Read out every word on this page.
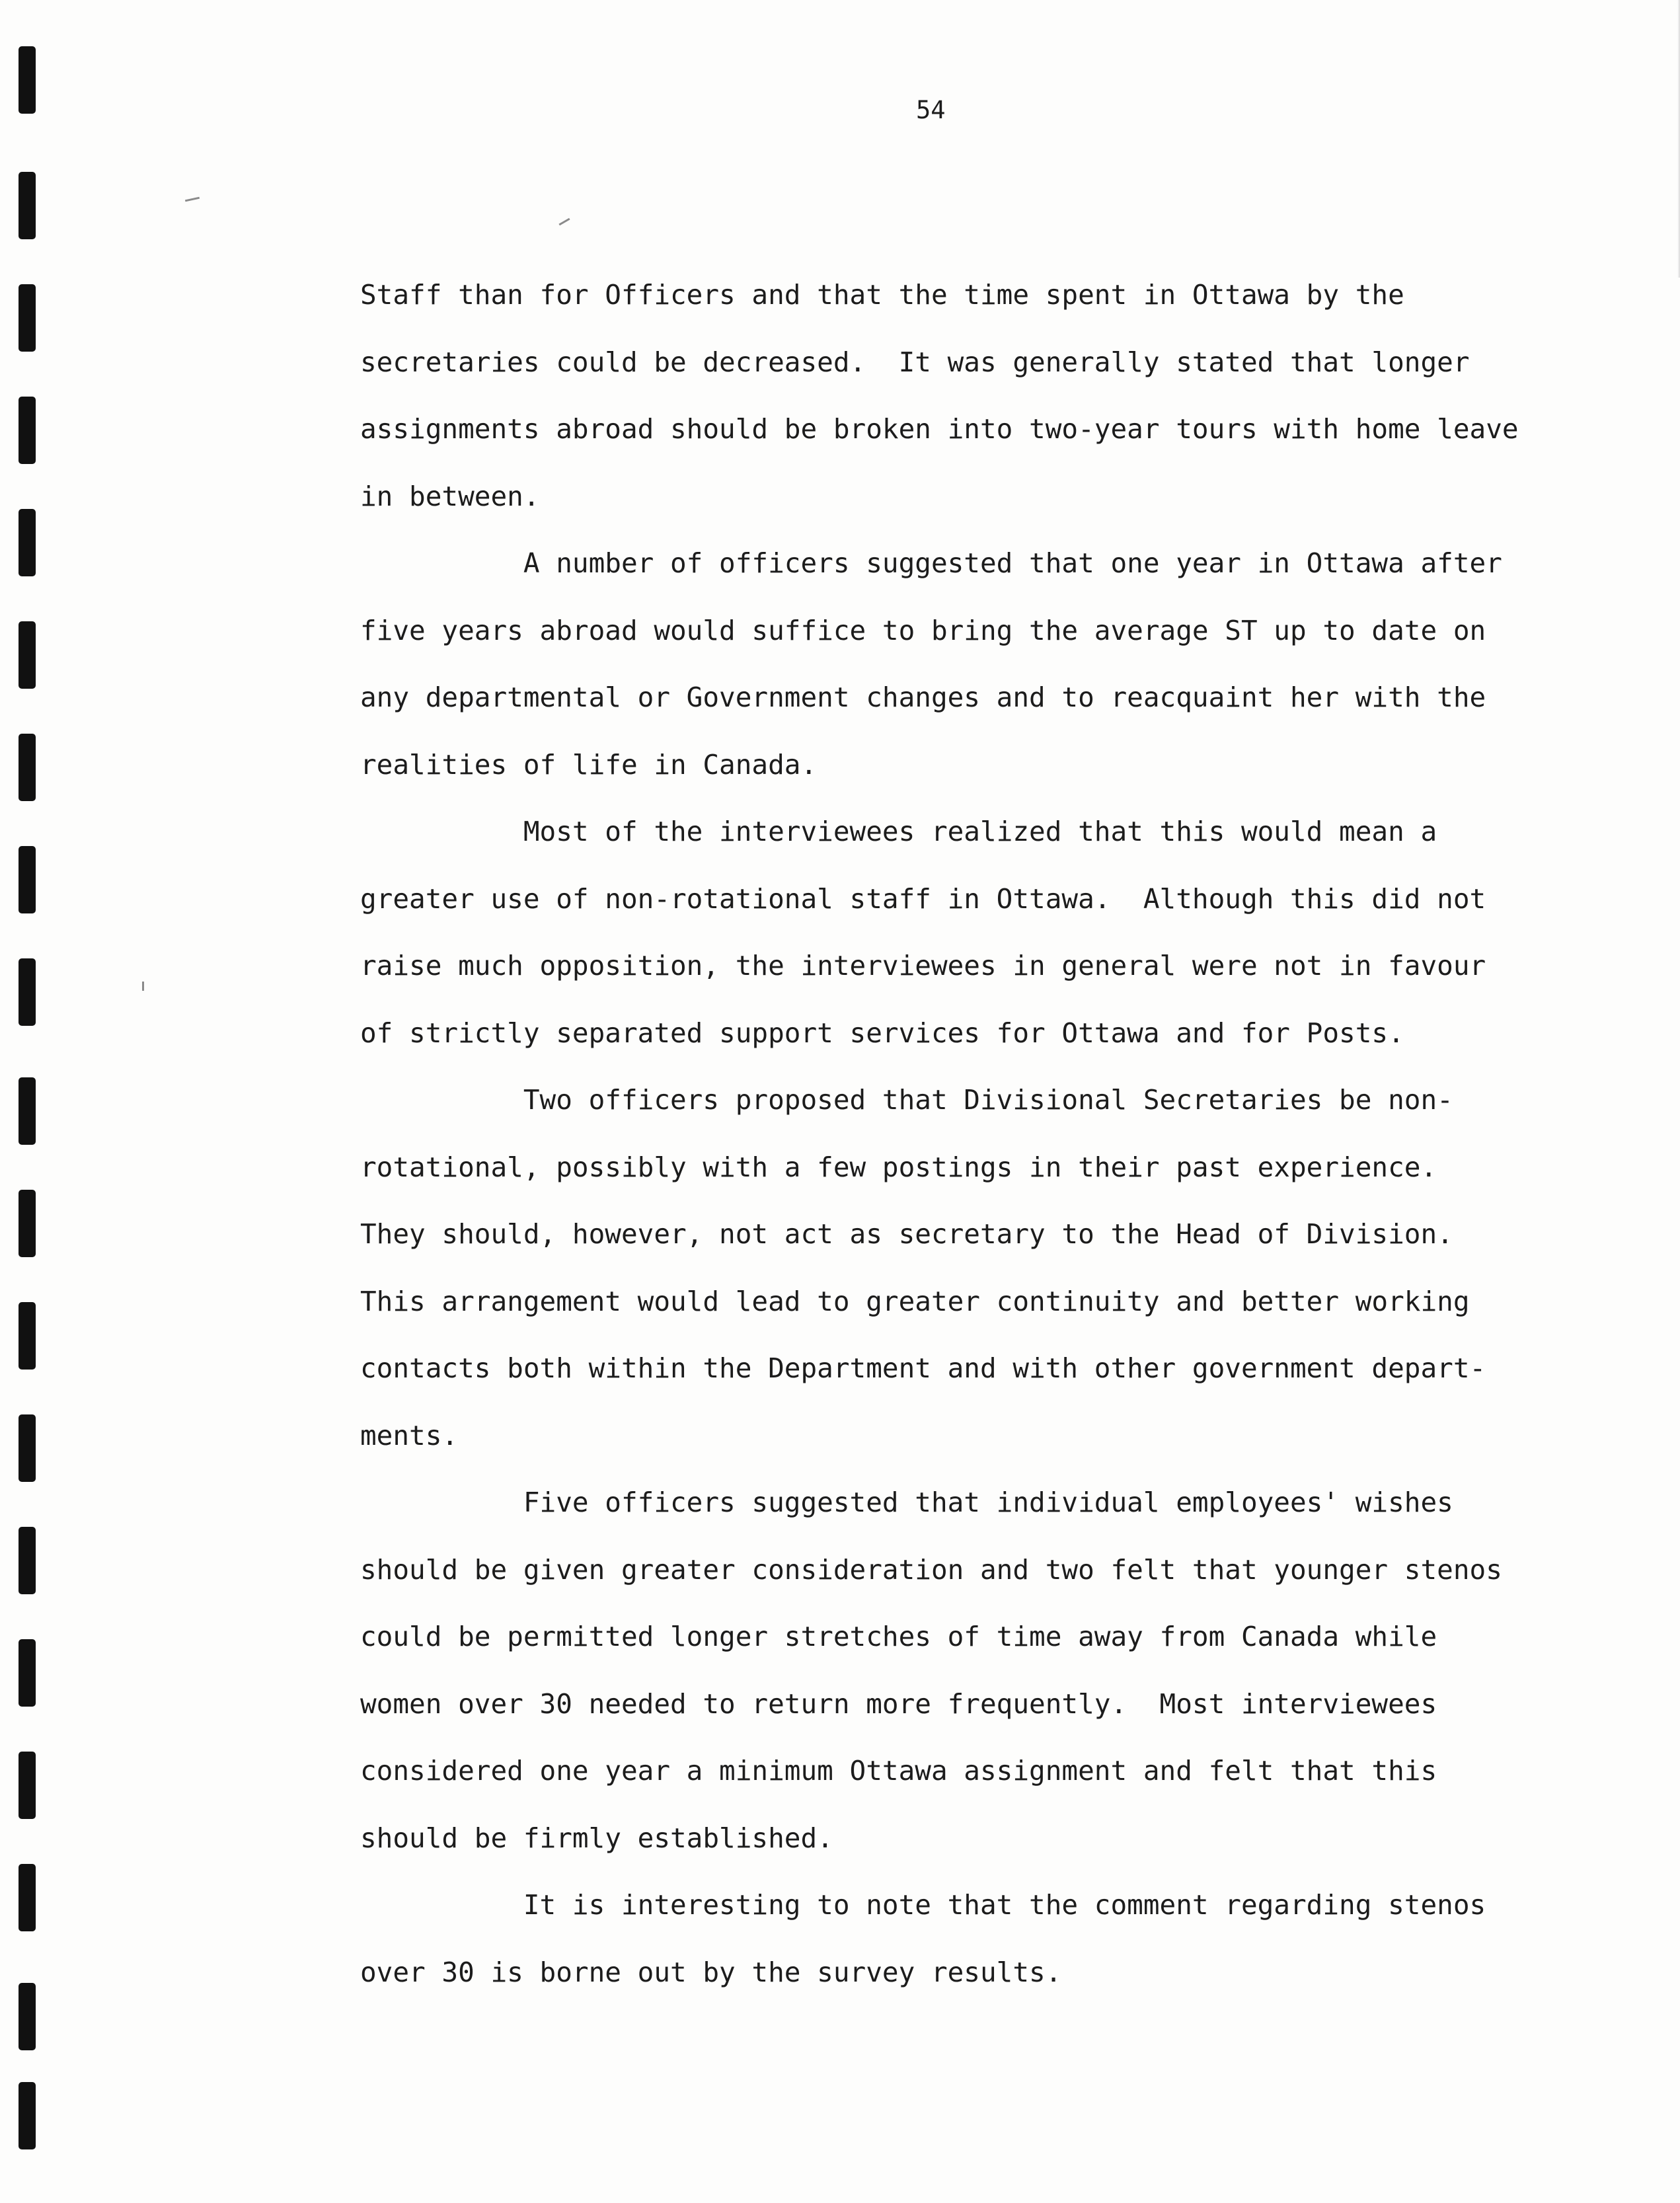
54
Staff than for Officers and that the time spent in Ottawa by the
secretaries could be decreased.  It was generally stated that longer
assignments abroad should be broken into two-year tours with home leave
in between.
A number of officers suggested that one year in Ottawa after
five years abroad would suffice to bring the average ST up to date on
any departmental or Government changes and to reacquaint her with the
realities of life in Canada.
Most of the interviewees realized that this would mean a
greater use of non-rotational staff in Ottawa.  Although this did not
raise much opposition, the interviewees in general were not in favour
of strictly separated support services for Ottawa and for Posts.
Two officers proposed that Divisional Secretaries be non-
rotational, possibly with a few postings in their past experience.
They should, however, not act as secretary to the Head of Division.
This arrangement would lead to greater continuity and better working
contacts both within the Department and with other government depart-
ments.
Five officers suggested that individual employees' wishes
should be given greater consideration and two felt that younger stenos
could be permitted longer stretches of time away from Canada while
women over 30 needed to return more frequently.  Most interviewees
considered one year a minimum Ottawa assignment and felt that this
should be firmly established.
It is interesting to note that the comment regarding stenos
over 30 is borne out by the survey results.
